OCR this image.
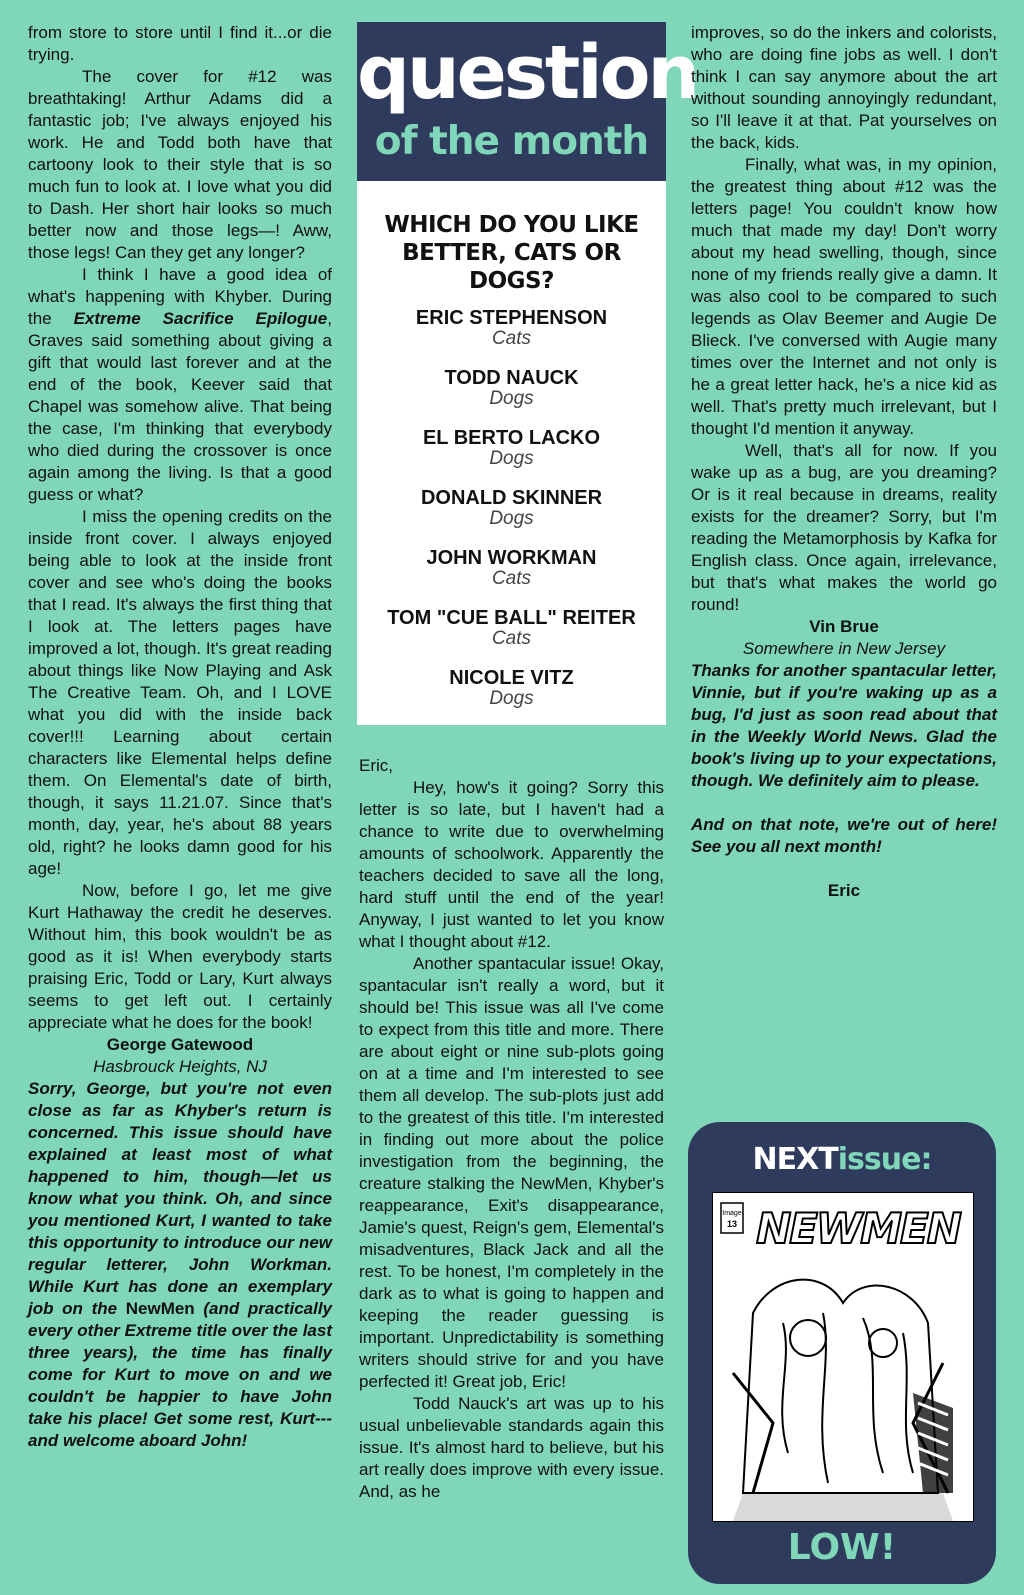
from store to store until I find it...or die trying.

The cover for #12 was breathtaking! Arthur Adams did a fantastic job; I've always enjoyed his work. He and Todd both have that cartoony look to their style that is so much fun to look at. I love what you did to Dash. Her short hair looks so much better now and those legs—! Aww, those legs! Can they get any longer?

I think I have a good idea of what's happening with Khyber. During the Extreme Sacrifice Epilogue, Graves said something about giving a gift that would last forever and at the end of the book, Keever said that Chapel was somehow alive. That being the case, I'm thinking that everybody who died during the crossover is once again among the living. Is that a good guess or what?

I miss the opening credits on the inside front cover. I always enjoyed being able to look at the inside front cover and see who's doing the books that I read. It's always the first thing that I look at. The letters pages have improved a lot, though. It's great reading about things like Now Playing and Ask The Creative Team. Oh, and I LOVE what you did with the inside back cover!!! Learning about certain characters like Elemental helps define them. On Elemental's date of birth, though, it says 11.21.07. Since that's month, day, year, he's about 88 years old, right? he looks damn good for his age!

Now, before I go, let me give Kurt Hathaway the credit he deserves. Without him, this book wouldn't be as good as it is! When everybody starts praising Eric, Todd or Lary, Kurt always seems to get left out. I certainly appreciate what he does for the book!

George Gatewood

Hasbrouck Heights, NJ

Sorry, George, but you're not even close as far as Khyber's return is concerned. This issue should have explained at least most of what happened to him, though—let us know what you think. Oh, and since you mentioned Kurt, I wanted to take this opportunity to introduce our new regular letterer, John Workman. While Kurt has done an exemplary job on the NewMen (and practically every other Extreme title over the last three years), the time has finally come for Kurt to move on and we couldn't be happier to have John take his place! Get some rest, Kurt--- and welcome aboard John!

question
of the month
WHICH DO YOU LIKE BETTER, CATS OR DOGS?
ERIC STEPHENSON
Cats
TODD NAUCK
Dogs
EL BERTO LACKO
Dogs
DONALD SKINNER
Dogs
JOHN WORKMAN
Cats
TOM "CUE BALL" REITER
Cats
NICOLE VITZ
Dogs

Eric,

Hey, how's it going? Sorry this letter is so late, but I haven't had a chance to write due to overwhelming amounts of schoolwork. Apparently the teachers decided to save all the long, hard stuff until the end of the year! Anyway, I just wanted to let you know what I thought about #12.

Another spantacular issue! Okay, spantacular isn't really a word, but it should be! This issue was all I've come to expect from this title and more. There are about eight or nine sub-plots going on at a time and I'm interested to see them all develop. The sub-plots just add to the greatest of this title. I'm interested in finding out more about the police investigation from the beginning, the creature stalking the NewMen, Khyber's reappearance, Exit's disappearance, Jamie's quest, Reign's gem, Elemental's misadventures, Black Jack and all the rest. To be honest, I'm completely in the dark as to what is going to happen and keeping the reader guessing is important. Unpredictability is something writers should strive for and you have perfected it! Great job, Eric!

Todd Nauck's art was up to his usual unbelievable standards again this issue. It's almost hard to believe, but his art really does improve with every issue. And, as he

improves, so do the inkers and colorists, who are doing fine jobs as well. I don't think I can say anymore about the art without sounding annoyingly redundant, so I'll leave it at that. Pat yourselves on the back, kids.

Finally, what was, in my opinion, the greatest thing about #12 was the letters page! You couldn't know how much that made my day! Don't worry about my head swelling, though, since none of my friends really give a damn. It was also cool to be compared to such legends as Olav Beemer and Augie De Blieck. I've conversed with Augie many times over the Internet and not only is he a great letter hack, he's a nice kid as well. That's pretty much irrelevant, but I thought I'd mention it anyway.

Well, that's all for now. If you wake up as a bug, are you dreaming? Or is it real because in dreams, reality exists for the dreamer? Sorry, but I'm reading the Metamorphosis by Kafka for English class. Once again, irrelevance, but that's what makes the world go round!

Vin Brue

Somewhere in New Jersey

Thanks for another spantacular letter, Vinnie, but if you're waking up as a bug, I'd just as soon read about that in the Weekly World News. Glad the book's living up to your expectations, though. We definitely aim to please.

And on that note, we're out of here! See you all next month!

Eric

NEXTissue:
Image
13 NEWMEN
LOW!
